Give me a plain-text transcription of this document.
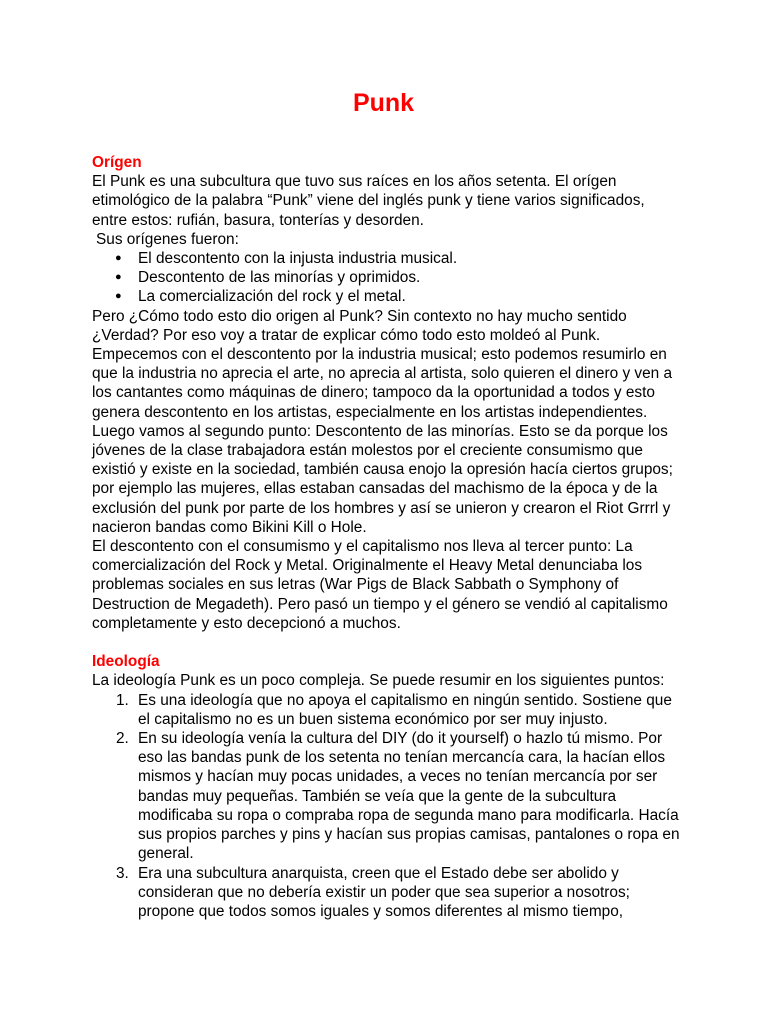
Punk

Orígen

El Punk es una subcultura que tuvo sus raíces en los años setenta. El orígen etimológico de la palabra “Punk” viene del inglés punk y tiene varios significados, entre estos: rufián, basura, tonterías y desorden.

Sus orígenes fueron:

● El descontento con la injusta industria musical.
● Descontento de las minorías y oprimidos.
● La comercialización del rock y el metal.

Pero ¿Cómo todo esto dio origen al Punk? Sin contexto no hay mucho sentido ¿Verdad? Por eso voy a tratar de explicar cómo todo esto moldeó al Punk.

Empecemos con el descontento por la industria musical; esto podemos resumirlo en que la industria no aprecia el arte, no aprecia al artista, solo quieren el dinero y ven a los cantantes como máquinas de dinero; tampoco da la oportunidad a todos y esto genera descontento en los artistas, especialmente en los artistas independientes.

Luego vamos al segundo punto: Descontento de las minorías. Esto se da porque los jóvenes de la clase trabajadora están molestos por el creciente consumismo que existió y existe en la sociedad, también causa enojo la opresión hacía ciertos grupos; por ejemplo las mujeres, ellas estaban cansadas del machismo de la época y de la exclusión del punk por parte de los hombres y así se unieron y crearon el Riot Grrrl y nacieron bandas como Bikini Kill o Hole.

El descontento con el consumismo y el capitalismo nos lleva al tercer punto: La comercialización del Rock y Metal. Originalmente el Heavy Metal denunciaba los problemas sociales en sus letras (War Pigs de Black Sabbath o Symphony of Destruction de Megadeth). Pero pasó un tiempo y el género se vendió al capitalismo completamente y esto decepcionó a muchos.

Ideología

La ideología Punk es un poco compleja. Se puede resumir en los siguientes puntos:

1. Es una ideología que no apoya el capitalismo en ningún sentido. Sostiene que el capitalismo no es un buen sistema económico por ser muy injusto.
2. En su ideología venía la cultura del DIY (do it yourself) o hazlo tú mismo. Por eso las bandas punk de los setenta no tenían mercancía cara, la hacían ellos mismos y hacían muy pocas unidades, a veces no tenían mercancía por ser bandas muy pequeñas. También se veía que la gente de la subcultura modificaba su ropa o compraba ropa de segunda mano para modificarla. Hacía sus propios parches y pins y hacían sus propias camisas, pantalones o ropa en general.
3. Era una subcultura anarquista, creen que el Estado debe ser abolido y consideran que no debería existir un poder que sea superior a nosotros; propone que todos somos iguales y somos diferentes al mismo tiempo,
